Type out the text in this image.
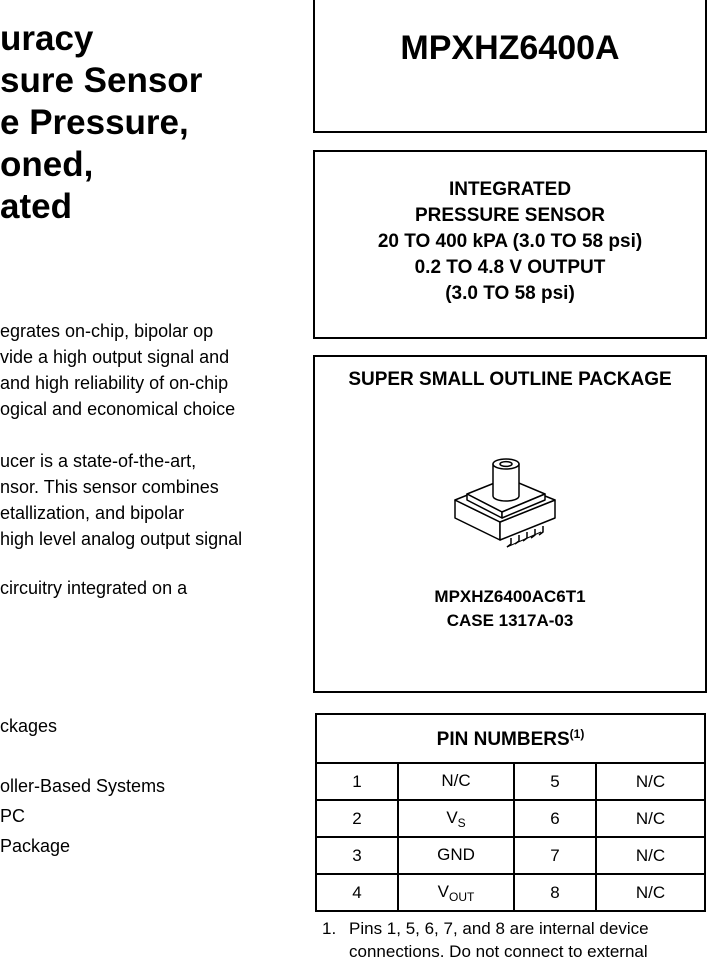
uracy
sure Sensor
e Pressure,
oned,
ated
egrates on-chip, bipolar op
vide a high output signal and
and high reliability of on-chip
ogical and economical choice
ucer is a state-of-the-art,
nsor. This sensor combines
etallization, and bipolar
high level analog output signal
circuitry integrated on a
ckages
oller-Based Systems
PC
Package
MPXHZ6400A
INTEGRATED
PRESSURE SENSOR
20 TO 400 kPA (3.0 TO 58 psi)
0.2 TO 4.8 V OUTPUT
(3.0 TO 58 psi)
SUPER SMALL OUTLINE PACKAGE
MPXHZ6400AC6T1
CASE 1317A-03
PIN NUMBERS$^{(1)}$
1	N/C	5	N/C
2	$V_S$	6	N/C
3	GND	7	N/C
4	$V_{OUT}$	8	N/C
1. Pins 1, 5, 6, 7, and 8 are internal device
connections. Do not connect to external
